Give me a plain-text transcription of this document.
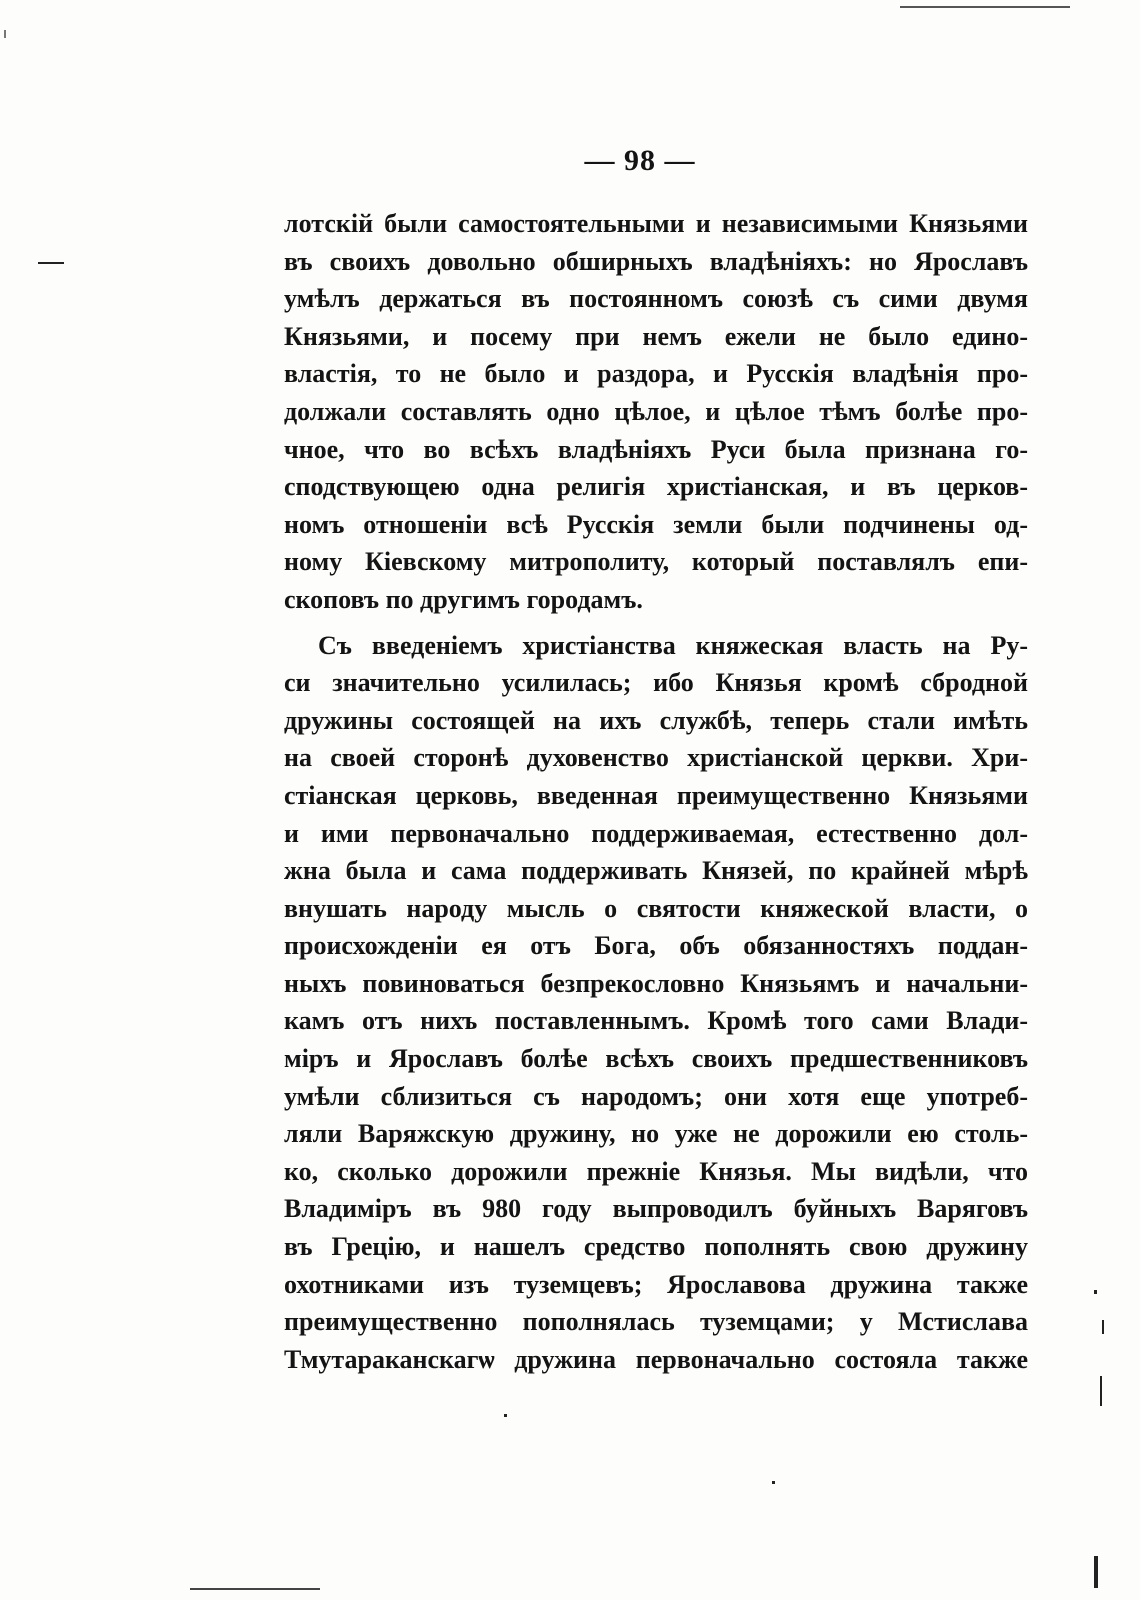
— 98 —
лотскій были самостоятельными и независимыми Князьями
въ своихъ довольно обширныхъ владѣніяхъ: но Ярославъ
умѣлъ держаться въ постоянномъ союзѣ съ сими двумя
Князьями, и посему при немъ ежели не было едино-
властія, то не было и раздора, и Русскія владѣнія про-
должали составлять одно цѣлое, и цѣлое тѣмъ болѣе про-
чное, что во всѣхъ владѣніяхъ Руси была признана го-
сподствующею одна религія христіанская, и въ церков-
номъ отношеніи всѣ Русскія земли были подчинены од-
ному Кіевскому митрополиту, который поставлялъ епи-
скоповъ по другимъ городамъ.
Съ введеніемъ христіанства княжеская власть на Ру-
си значительно усилилась; ибо Князья кромѣ сбродной
дружины состоящей на ихъ службѣ, теперь стали имѣть
на своей сторонѣ духовенство христіанской церкви. Хри-
стіанская церковь, введенная преимущественно Князьями
и ими первоначально поддерживаемая, естественно дол-
жна была и сама поддерживать Князей, по крайней мѣрѣ
внушать народу мысль о святости княжеской власти, о
происхожденіи ея отъ Бога, объ обязанностяхъ поддан-
ныхъ повиноваться безпрекословно Князьямъ и начальни-
камъ отъ нихъ поставленнымъ. Кромѣ того сами Влади-
міръ и Ярославъ болѣе всѣхъ своихъ предшественниковъ
умѣли сблизиться съ народомъ; они хотя еще употреб-
ляли Варяжскую дружину, но уже не дорожили ею столь-
ко, сколько дорожили прежніе Князья. Мы видѣли, что
Владиміръ въ 980 году выпроводилъ буйныхъ Варяговъ
въ Грецію, и нашелъ средство пополнять свою дружину
охотниками изъ туземцевъ; Ярославова дружина также
преимущественно пополнялась туземцами; у Мстислава
Тмутараканскагѡ дружина первоначально состояла также
